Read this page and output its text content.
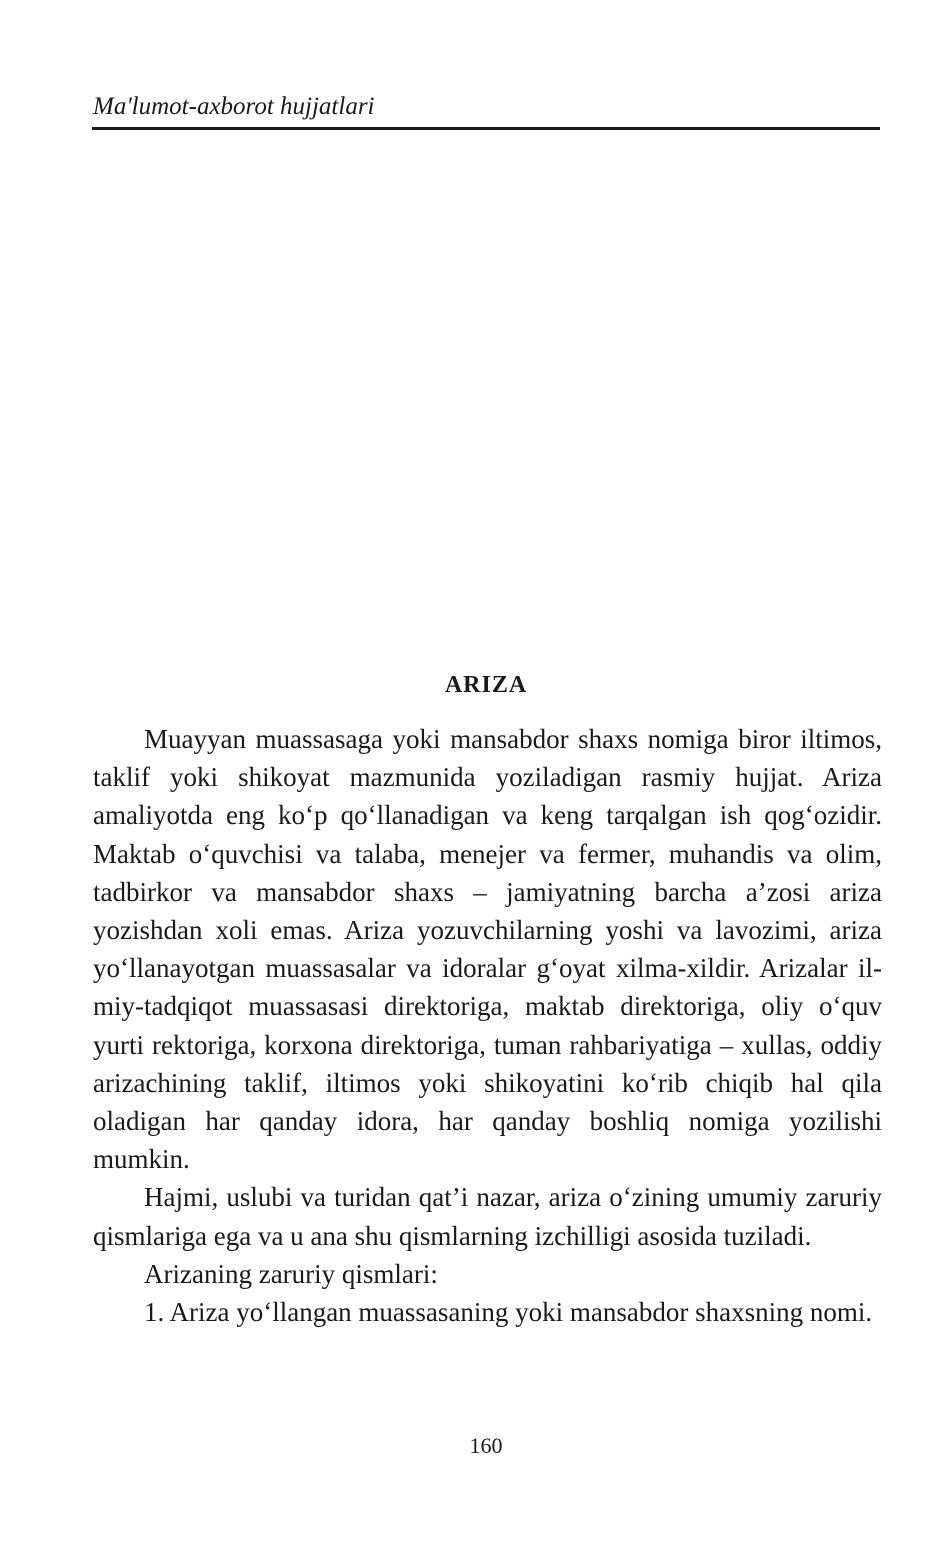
Ma'lumot-axborot hujjatlari
ARIZA

Muayyan muassasaga yoki mansabdor shaxs nomiga biror iltimos, taklif yoki shikoyat mazmunida yoziladigan rasmiy hujjat. Ariza amaliyotda eng ko‘p qo‘llanadigan va keng tarqalgan ish qog‘ozidir. Maktab o‘quvchisi va talaba, menejer va fermer, muhandis va olim, tadbirkor va mansabdor shaxs – jamiyatning barcha a’zosi ariza yozishdan xoli emas. Ariza yozuvchilarning yoshi va lavozimi, ariza yo‘llanayotgan muassasalar va idoralar g‘oyat xilma-xildir. Arizalar ilmiy-tadqiqot muassasasi direktoriga, maktab direktoriga, oliy o‘quv yurti rektoriga, korxona direktoriga, tuman rahbariyatiga – xullas, oddiy arizachining taklif, iltimos yoki shikoyatini ko‘rib chiqib hal qila oladigan har qanday idora, har qanday boshliq nomiga yozilishi mumkin.

Hajmi, uslubi va turidan qat’i nazar, ariza o‘zining umumiy zaruriy qismlariga ega va u ana shu qismlarning izchilligi asosida tuziladi.

Arizaning zaruriy qismlari:

1. Ariza yo‘llangan muassasaning yoki mansabdor shaxsning nomi.

160
